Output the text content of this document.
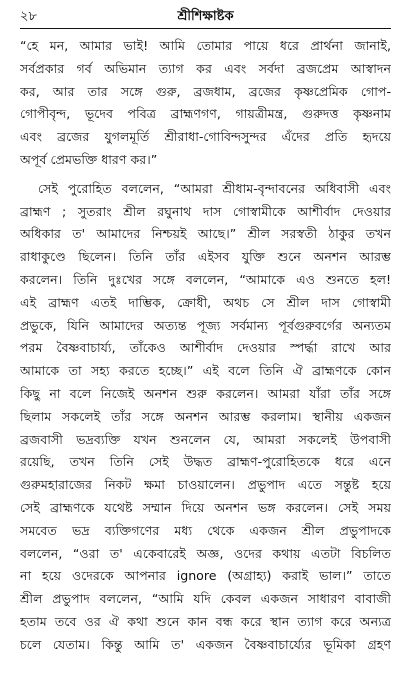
২৮	শ্রীশিক্ষাষ্টক
“হে মন, আমার ভাই! আমি তোমার পায়ে ধরে প্রার্থনা জানাই,
সর্বপ্রকার গর্ব অভিমান ত্যাগ কর এবং সর্বদা ব্রজপ্রেম আস্বাদন
কর, আর তার সঙ্গে গুরু, ব্রজধাম, ব্রজের কৃষ্ণপ্রেমিক গোপ-
গোপীবৃন্দ, ভূদেব পবিত্র ব্রাহ্মণগণ, গায়ত্রীমন্ত্র, গুরুদত্ত কৃষ্ণনাম
এবং ব্রজের যুগলমূর্তি শ্রীরাধা-গোবিন্দসুন্দর এঁদের প্রতি হৃদয়ে
অপূর্ব প্রেমভক্তি ধারণ কর।”
সেই পুরোহিত বললেন, “আমরা শ্রীধাম-বৃন্দাবনের অধিবাসী এবং
ব্রাহ্মণ ; সুতরাং শ্রীল রঘুনাথ দাস গোস্বামীকে আশীর্বাদ দেওয়ার
অধিকার ত' আমাদের নিশ্চয়ই আছে।” শ্রীল সরস্বতী ঠাকুর তখন
রাধাকুণ্ডে ছিলেন। তিনি তাঁর এইসব যুক্তি শুনে অনশন আরম্ভ
করলেন। তিনি দুঃখের সঙ্গে বললেন, “আমাকে এও শুনতে হল!
এই ব্রাহ্মণ এতই দাম্ভিক, ক্রোধী, অথচ সে শ্রীল দাস গোস্বামী
প্রভুকে, যিনি আমাদের অত্যন্ত পূজ্য সর্বমান্য পূর্বগুরুবর্গের অন্যতম
পরম বৈষ্ণবাচার্য্য, তাঁকেও আশীর্বাদ দেওয়ার স্পর্দ্ধা রাখে আর
আমাকে তা সহ্য করতে হচ্ছে।” এই বলে তিনি ঐ ব্রাহ্মণকে কোন
কিছু না বলে নিজেই অনশন শুরু করলেন। আমরা যাঁরা তাঁর সঙ্গে
ছিলাম সকলেই তাঁর সঙ্গে অনশন আরম্ভ করলাম। স্থানীয় একজন
ব্রজবাসী ভদ্রব্যক্তি যখন শুনলেন যে, আমরা সকলেই উপবাসী
রয়েছি, তখন তিনি সেই উদ্ধত ব্রাহ্মণ-পুরোহিতকে ধরে এনে
গুরুমহারাজের নিকট ক্ষমা চাওয়ালেন। প্রভুপাদ এতে সন্তুষ্ট হয়ে
সেই ব্রাহ্মণকে যথেষ্ট সম্মান দিয়ে অনশন ভঙ্গ করলেন। সেই সময়
সমবেত ভদ্র ব্যক্তিগণের মধ্য থেকে একজন শ্রীল প্রভুপাদকে
বললেন, “ওরা ত' একেবারেই অজ্ঞ, ওদের কথায় এতটা বিচলিত
না হয়ে ওদেরকে আপনার ignore (অগ্রাহ্য) করাই ভাল।” তাতে
শ্রীল প্রভুপাদ বললেন, “আমি যদি কেবল একজন সাধারণ বাবাজী
হতাম তবে ওর ঐ কথা শুনে কান বন্ধ করে স্থান ত্যাগ করে অন্যত্র
চলে যেতাম। কিন্তু আমি ত' একজন বৈষ্ণবাচার্য্যের ভূমিকা গ্রহণ
